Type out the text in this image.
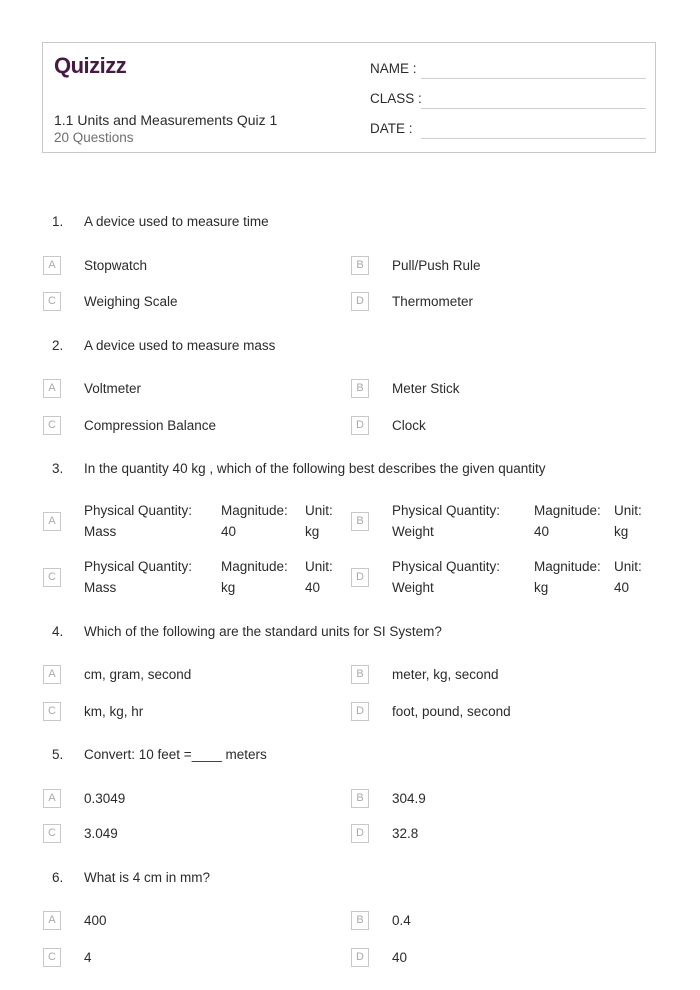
Quizizz
1.1 Units and Measurements Quiz 1
20 Questions
NAME :
CLASS :
DATE :
1. A device used to measure time
A	Stopwatch	B	Pull/Push Rule
C	Weighing Scale	D	Thermometer
2. A device used to measure mass
A	Voltmeter	B	Meter Stick
C	Compression Balance	D	Clock
3. In the quantity 40 kg , which of the following best describes the given quantity
A
Physical Quantity:
Mass
Magnitude:
40
Unit:
kg
B
Physical Quantity:
Weight
Magnitude:
40
Unit:
kg
C
Physical Quantity:
Mass
Magnitude:
kg
Unit:
40
D
Physical Quantity:
Weight
Magnitude:
kg
Unit:
40
4. Which of the following are the standard units for SI System?
A	cm, gram, second	B	meter, kg, second
C	km, kg, hr	D	foot, pound, second
5. Convert: 10 feet =____ meters
A	0.3049	B	304.9
C	3.049	D	32.8
6. What is 4 cm in mm?
A	400	B	0.4
C	4	D	40
